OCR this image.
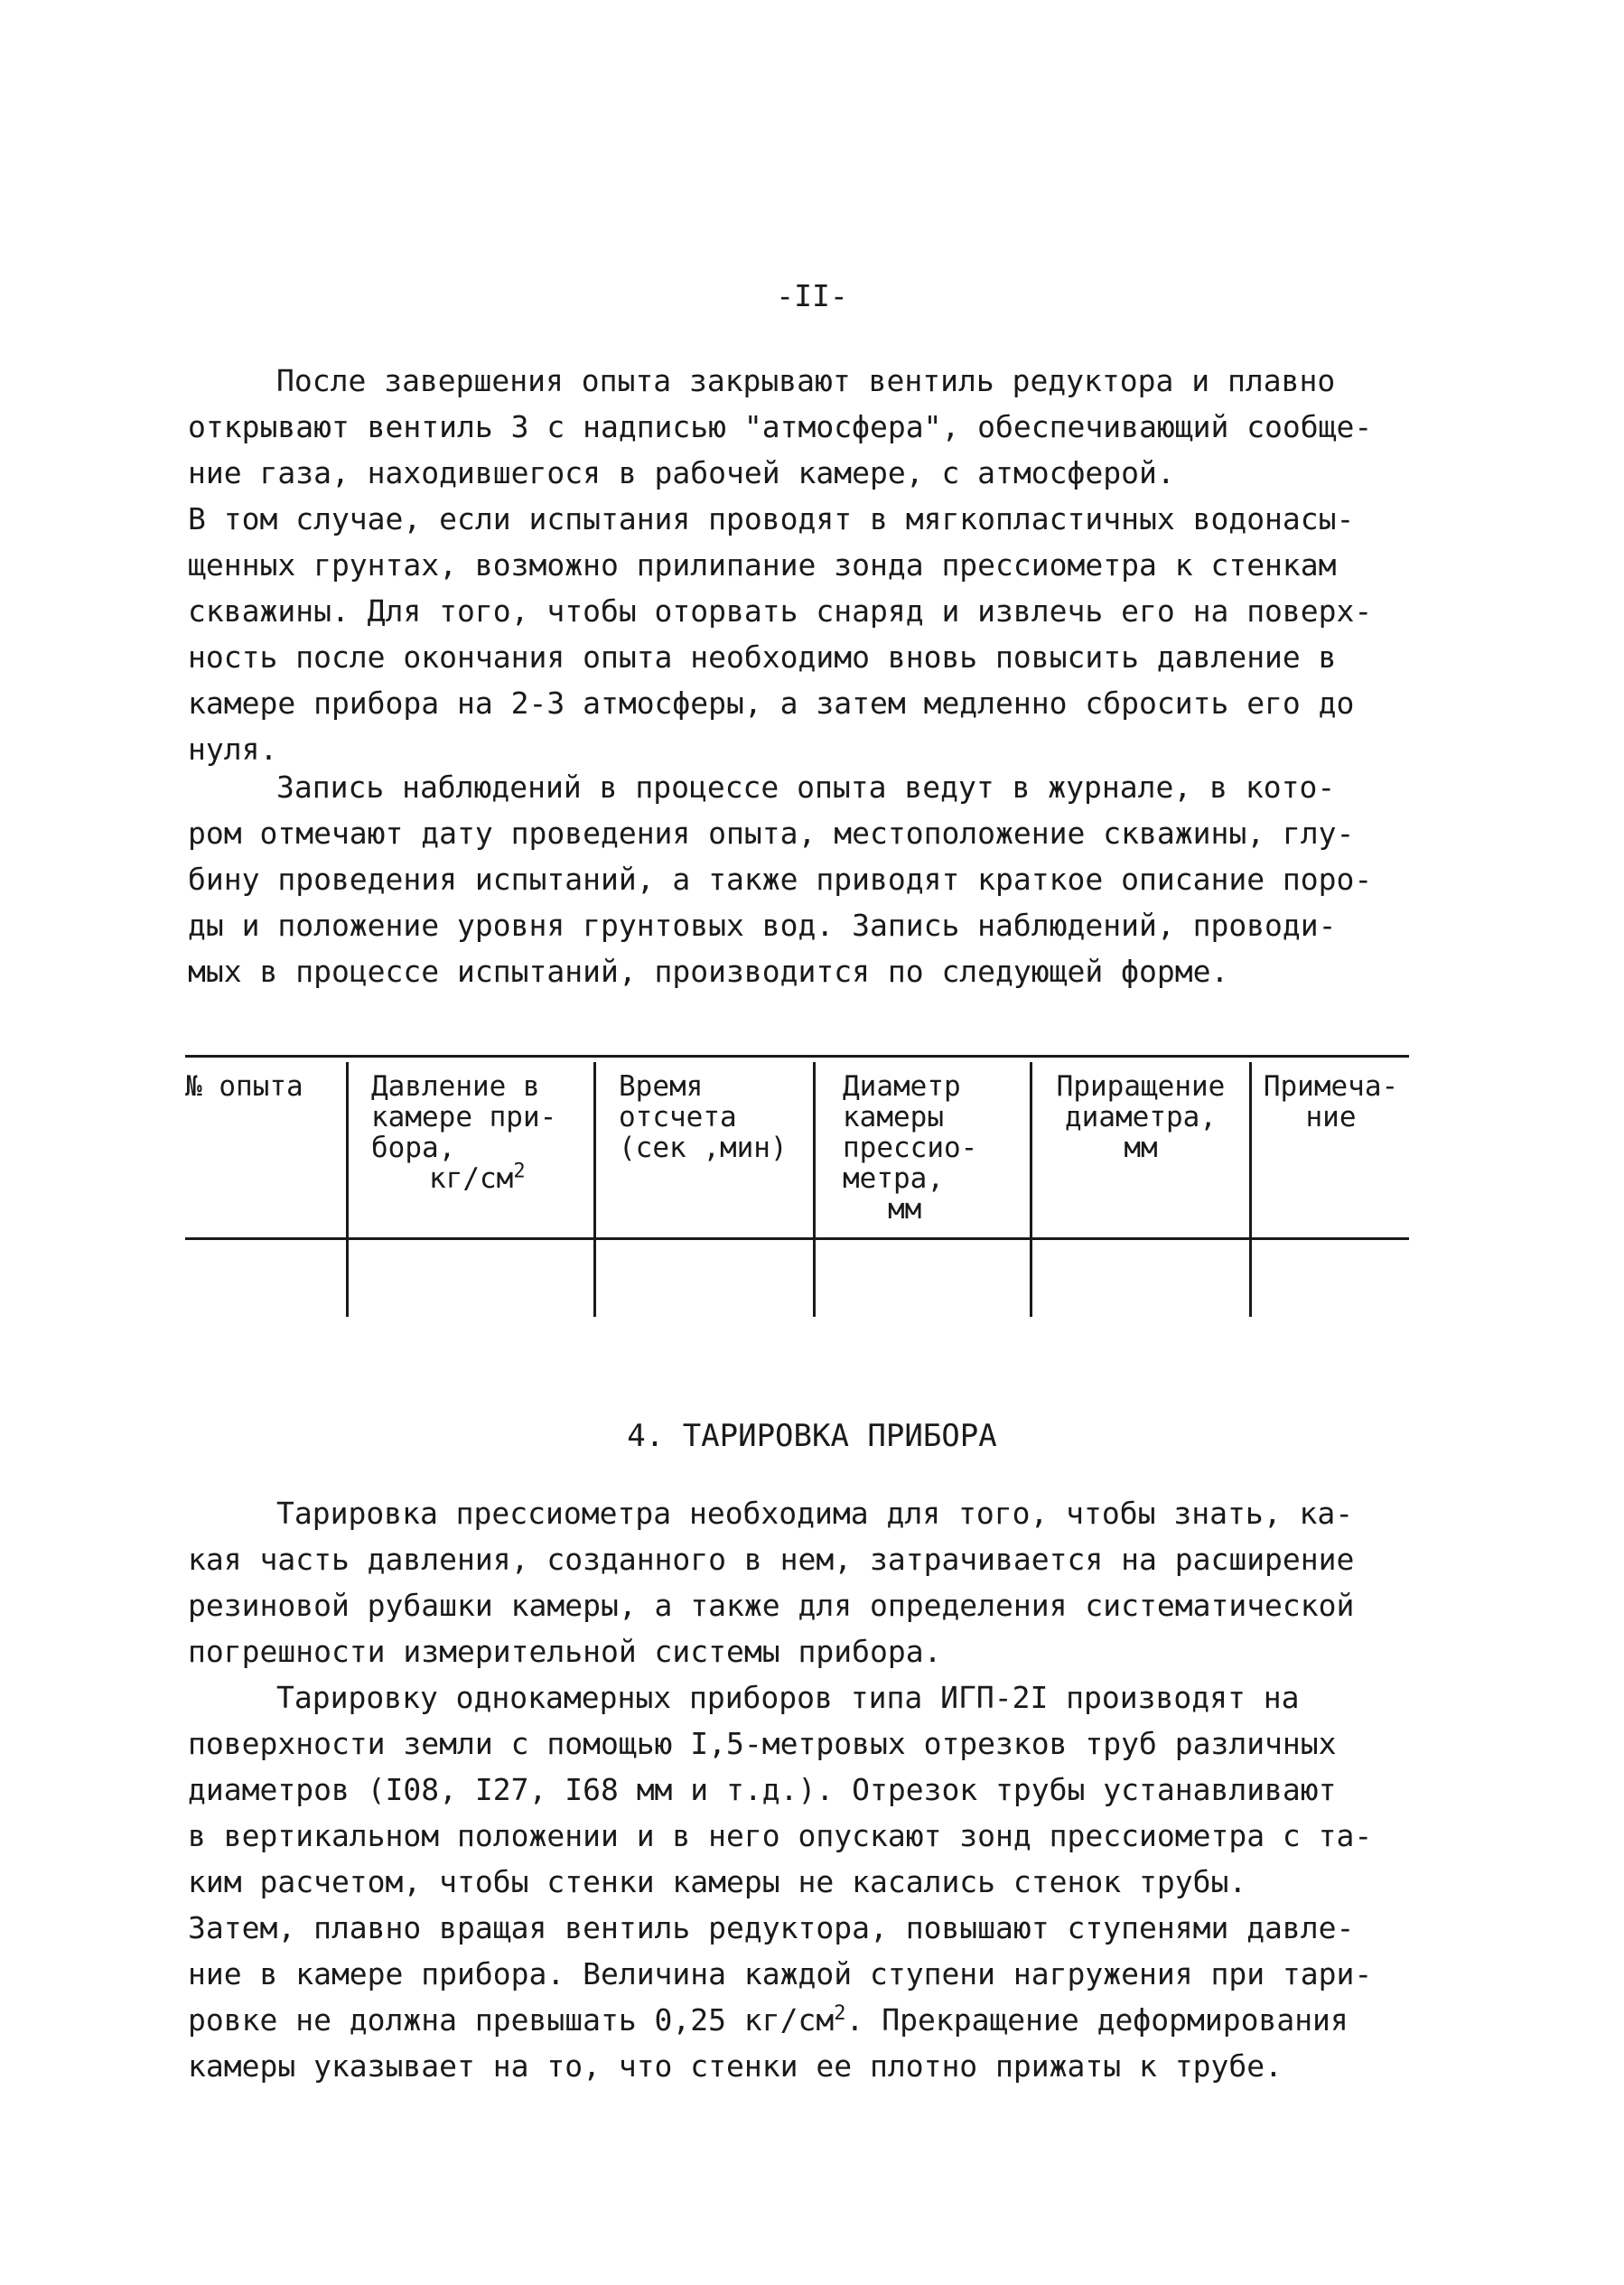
-II-
После завершения опыта закрывают вентиль редуктора и плавно
открывают вентиль 3 с надписью "атмосфера", обеспечивающий сообще-
ние газа, находившегося в рабочей камере, с атмосферой.
В том случае, если испытания проводят в мягкопластичных водонасы-
щенных грунтах, возможно прилипание зонда прессиометра к стенкам
скважины. Для того, чтобы оторвать снаряд и извлечь его на поверх-
ность после окончания опыта необходимо вновь повысить давление в
камере прибора на 2-3 атмосферы, а затем медленно сбросить его до
нуля.
Запись наблюдений в процессе опыта ведут в журнале, в кото-
ром отмечают дату проведения опыта, местоположение скважины, глу-
бину проведения испытаний, а также приводят краткое описание поро-
ды и положение уровня грунтовых вод. Запись наблюдений, проводи-
мых в процессе испытаний, производится по следующей форме.
№ опыта	Давление в
камере при-
бора,
$кг/см^2$
Время
отсчета
(сек ,мин)
Диаметр
камеры
прессио-
метра,
мм
Приращение
диаметра,
мм
Примеча-
ние
4. ТАРИРОВКА ПРИБОРА
Тарировка прессиометра необходима для того, чтобы знать, ка-
кая часть давления, созданного в нем, затрачивается на расширение
резиновой рубашки камеры, а также для определения систематической
погрешности измерительной системы прибора.
Тарировку однокамерных приборов типа ИГП-2I производят на
поверхности земли с помощью I,5-метровых отрезков труб различных
диаметров (I08, I27, I68 мм и т.д.). Отрезок трубы устанавливают
в вертикальном положении и в него опускают зонд прессиометра с та-
ким расчетом, чтобы стенки камеры не касались стенок трубы.
Затем, плавно вращая вентиль редуктора, повышают ступенями давле-
ние в камере прибора. Величина каждой ступени нагружения при тари-
ровке не должна превышать 0,25 $кг/см^2$. Прекращение деформирования
камеры указывает на то, что стенки ее плотно прижаты к трубе.
